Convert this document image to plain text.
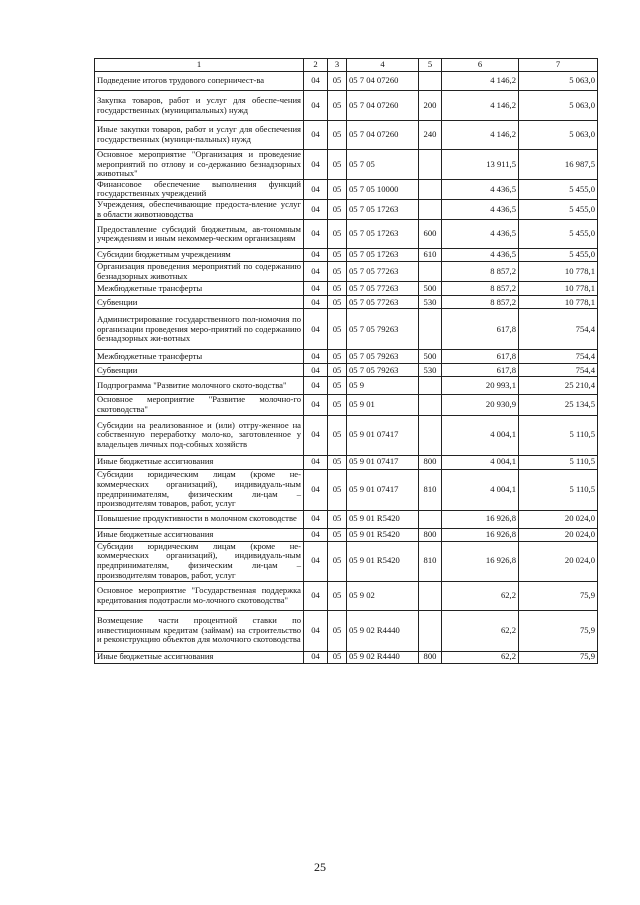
1	2	3	4	5	6	7
Подведение итогов трудового соперничест-ва	04	05	05 7 04 07260		4 146,2	5 063,0
Закупка товаров, работ и услуг для обеспе-чения государственных (муниципальных) нужд	04	05	05 7 04 07260	200	4 146,2	5 063,0
Иные закупки товаров, работ и услуг для обеспечения государственных (муници-пальных) нужд	04	05	05 7 04 07260	240	4 146,2	5 063,0
Основное мероприятие "Организация и проведение мероприятий по отлову и со-держанию безнадзорных животных"	04	05	05 7 05		13 911,5	16 987,5
Финансовое обеспечение выполнения функций государственных учреждений	04	05	05 7 05 10000		4 436,5	5 455,0
Учреждения, обеспечивающие предоста-вление услуг в области животноводства	04	05	05 7 05 17263		4 436,5	5 455,0
Предоставление субсидий бюджетным, ав-тономным учреждениям и иным некоммер-ческим организациям	04	05	05 7 05 17263	600	4 436,5	5 455,0
Субсидии бюджетным учреждениям	04	05	05 7 05 17263	610	4 436,5	5 455,0
Организация проведения мероприятий по содержанию безнадзорных животных	04	05	05 7 05 77263		8 857,2	10 778,1
Межбюджетные трансферты	04	05	05 7 05 77263	500	8 857,2	10 778,1
Субвенции	04	05	05 7 05 77263	530	8 857,2	10 778,1
Администрирование государственного пол-номочия по организации проведения меро-приятий по содержанию безнадзорных жи-вотных	04	05	05 7 05 79263		617,8	754,4
Межбюджетные трансферты	04	05	05 7 05 79263	500	617,8	754,4
Субвенции	04	05	05 7 05 79263	530	617,8	754,4
Подпрограмма "Развитие молочного ското-водства"	04	05	05 9		20 993,1	25 210,4
Основное мероприятие "Развитие молочно-го скотоводства"	04	05	05 9 01		20 930,9	25 134,5
Субсидии на реализованное и (или) отгру-женное на собственную переработку моло-ко, заготовленное у владельцев личных под-собных хозяйств	04	05	05 9 01 07417		4 004,1	5 110,5
Иные бюджетные ассигнования	04	05	05 9 01 07417	800	4 004,1	5 110,5
Субсидии юридическим лицам (кроме не-коммерческих организаций), индивидуаль-ным предпринимателям, физическим ли-цам – производителям товаров, работ, услуг	04	05	05 9 01 07417	810	4 004,1	5 110,5
Повышение продуктивности в молочном скотоводстве	04	05	05 9 01 R5420		16 926,8	20 024,0
Иные бюджетные ассигнования	04	05	05 9 01 R5420	800	16 926,8	20 024,0
Субсидии юридическим лицам (кроме не-коммерческих организаций), индивидуаль-ным предпринимателям, физическим ли-цам – производителям товаров, работ, услуг	04	05	05 9 01 R5420	810	16 926,8	20 024,0
Основное мероприятие "Государственная поддержка кредитования подотрасли мо-лочного скотоводства"	04	05	05 9 02		62,2	75,9
Возмещение части процентной ставки по инвестиционным кредитам (займам) на строительство и реконструкцию объектов для молочного скотоводства	04	05	05 9 02 R4440		62,2	75,9
Иные бюджетные ассигнования	04	05	05 9 02 R4440	800	62,2	75,9
25
